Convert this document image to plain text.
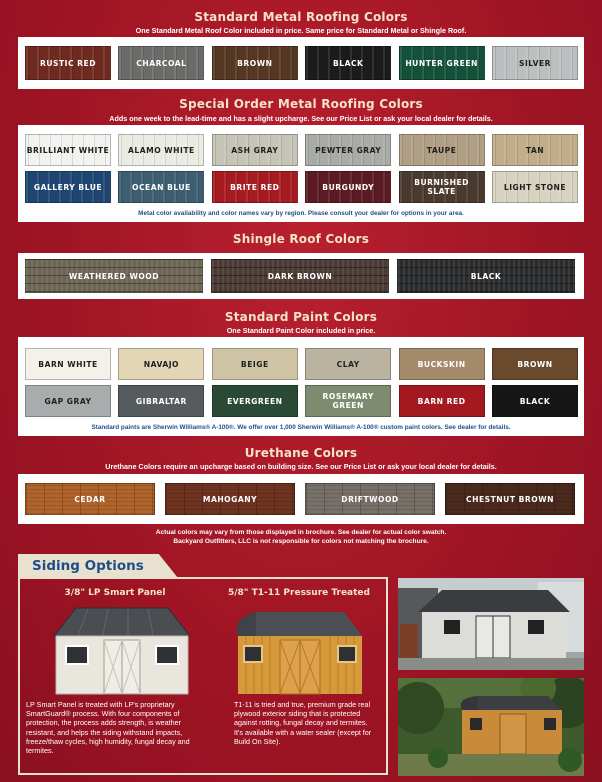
Standard Metal Roofing Colors
One Standard Metal Roof Color included in price. Same price for Standard Metal or Shingle Roof.
RUSTIC RED	CHARCOAL	BROWN	BLACK	HUNTER GREEN	SILVER
Special Order Metal Roofing Colors
Adds one week to the lead-time and has a slight upcharge. See our Price List or ask your local dealer for details.
Metal color availability and color names vary by region. Please consult your dealer for options in your area.
BRILLIANT WHITE	ALAMO WHITE	ASH GRAY	PEWTER GRAY	TAUPE	TAN
GALLERY BLUE	OCEAN BLUE	BRITE RED	BURGUNDY	BURNISHED SLATE	LIGHT STONE
Shingle Roof Colors
WEATHERED WOOD	DARK BROWN	BLACK
Standard Paint Colors
One Standard Paint Color included in price.
Standard paints are Sherwin Williams® A-100®. We offer over 1,000 Sherwin Williams® A-100® custom paint colors. See dealer for details.
BARN WHITE	NAVAJO	BEIGE	CLAY	BUCKSKIN	BROWN
GAP GRAY	GIBRALTAR	EVERGREEN	ROSEMARY GREEN	BARN RED	BLACK
Urethane Colors
Urethane Colors require an upcharge based on building size. See our Price List or ask your local dealer for details.
CEDAR	MAHOGANY	DRIFTWOOD	CHESTNUT BROWN
Actual colors may vary from those displayed in brochure. See dealer for actual color swatch.
Backyard Outfitters, LLC is not responsible for colors not matching the brochure.
Siding Options
3/8" LP Smart Panel	5/8" T1-11 Pressure Treated
LP Smart Panel is treated with LP's proprietary SmartGuard® process. With four components of protection, the process adds strength, is weather resistant, and helps the siding withstand impacts, freeze/thaw cycles, high humidity, fungal decay and termites.
T1-11 is tried and true, premium grade real plywood exterior siding that is protected against rotting, fungal decay and termites. It's available with a water sealer (except for Build On Site).
